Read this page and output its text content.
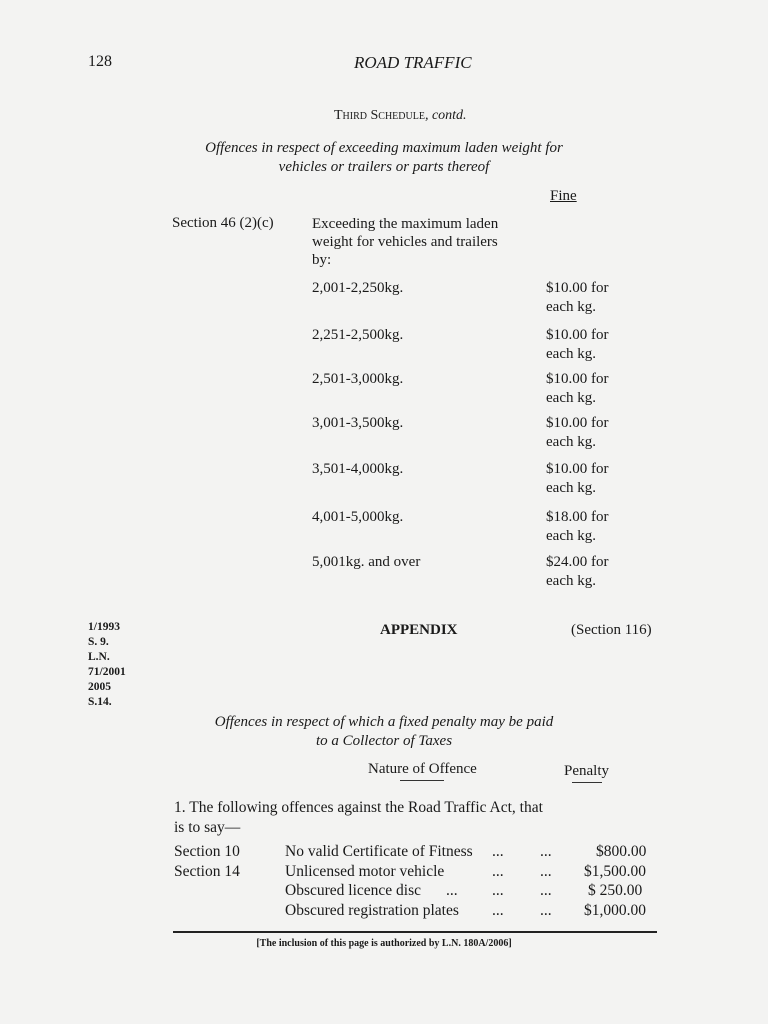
128	ROAD TRAFFIC
Third Schedule, contd.
Offences in respect of exceeding maximum laden weight for
vehicles or trailers or parts thereof
Fine
Section 46 (2)(c)	Exceeding the maximum laden
weight for vehicles and trailers
by:
2,001-2,250kg.	$10.00 for
each kg.
2,251-2,500kg.	$10.00 for
each kg.
2,501-3,000kg.	$10.00 for
each kg.
3,001-3,500kg.	$10.00 for
each kg.
3,501-4,000kg.	$10.00 for
each kg.
4,001-5,000kg.	$18.00 for
each kg.
5,001kg. and over	$24.00 for
each kg.
1/1993
S. 9.
L.N.
71/2001
2005
S.14.
APPENDIX	(Section 116)
Offences in respect of which a fixed penalty may be paid
to a Collector of Taxes
Nature of Offence	Penalty
1. The following offences against the Road Traffic Act, that
is to say—
Section 10	No valid Certificate of Fitness ... ...	$800.00
Section 14	Unlicensed motor vehicle	... ... $1,500.00
Obscured licence disc ... ... ... $ 250.00
Obscured registration plates ... ... $1,000.00
[The inclusion of this page is authorized by L.N. 180A/2006]
